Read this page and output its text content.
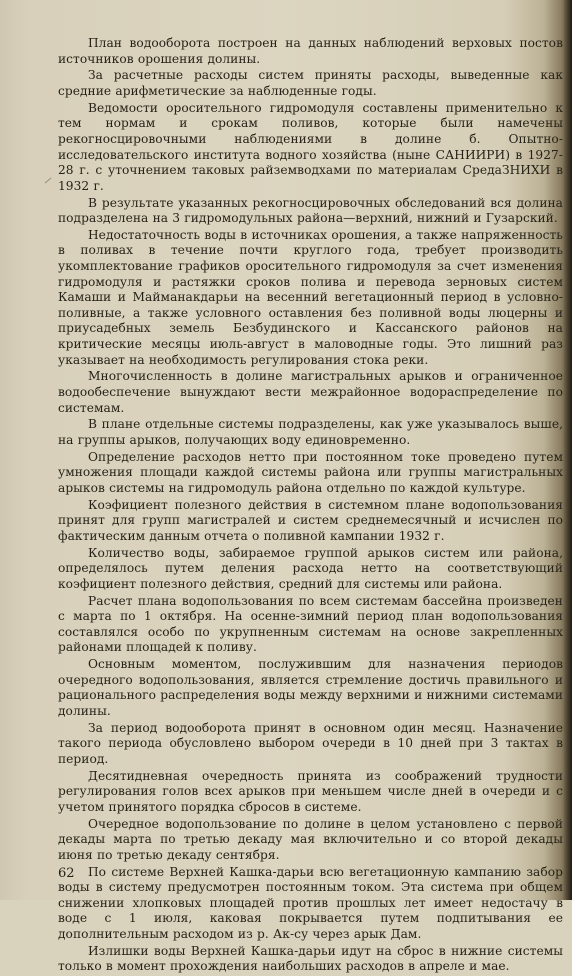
План водооборота построен на данных наблюдений верховых постов источников орошения долины.

За расчетные расходы систем приняты расходы, выведенные как средние арифметические за наблюденные годы.

Ведомости оросительного гидромодуля составлены применительно к тем нормам и срокам поливов, которые были намечены рекогносцировочными наблюдениями в долине б. Опытно-исследовательского института водного хозяйства (ныне САНИИРИ) в 1927-28 г. с уточнением таковых райземводхами по материалам СредаЗНИХИ в 1932 г.

В результате указанных рекогносцировочных обследований вся долина подразделена на 3 гидромодульных района—верхний, нижний и Гузарский.

Недостаточность воды в источниках орошения, а также напряженность в поливах в течение почти круглого года, требует производить укомплектование графиков оросительного гидромодуля за счет изменения гидромодуля и растяжки сроков полива и перевода зерновых систем Камаши и Майманакдарьи на весенний вегетационный период в условно-поливные, а также условного оставления без поливной воды люцерны и приусадебных земель Безбудинского и Кассанского районов на критические месяцы июль-август в маловодные годы. Это лишний раз указывает на необходимость регулирования стока реки.

Многочисленность в долине магистральных арыков и ограниченное водообеспечение вынуждают вести межрайонное водораспределение по системам.

В плане отдельные системы подразделены, как уже указывалось выше, на группы арыков, получающих воду единовременно.

Определение расходов нетто при постоянном токе проведено путем умножения площади каждой системы района или группы магистральных арыков системы на гидромодуль района отдельно по каждой культуре.

Коэфициент полезного действия в системном плане водопользования принят для групп магистралей и систем среднемесячный и исчислен по фактическим данным отчета о поливной кампании 1932 г.

Количество воды, забираемое группой арыков систем или района, определялось путем деления расхода нетто на соответствующий коэфициент полезного действия, средний для системы или района.

Расчет плана водопользования по всем системам бассейна произведен с марта по 1 октября. На осенне-зимний период план водопользования составлялся особо по укрупненным системам на основе закрепленных районами площадей к поливу.

Основным моментом, послужившим для назначения периодов очередного водопользования, является стремление достичь правильного и рационального распределения воды между верхними и нижними системами долины.

За период водооборота принят в основном один месяц. Назначение такого периода обусловлено выбором очереди в 10 дней при 3 тактах в период.

Десятидневная очередность принята из соображений трудности регулирования голов всех арыков при меньшем числе дней в очереди и с учетом принятого порядка сбросов в системе.

Очередное водопользование по долине в целом установлено с первой декады марта по третью декаду мая включительно и со второй декады июня по третью декаду сентября.

По системе Верхней Кашка-дарьи всю вегетационную кампанию забор воды в систему предусмотрен постоянным током. Эта система при общем снижении хлопковых площадей против прошлых лет имеет недостачу в воде с 1 июля, каковая покрывается путем подпитывания ее дополнительным расходом из р. Ак-су через арык Дам.

Излишки воды Верхней Кашка-дарьи идут на сброс в нижние системы только в момент прохождения наибольших расходов в апреле и мае.

62
